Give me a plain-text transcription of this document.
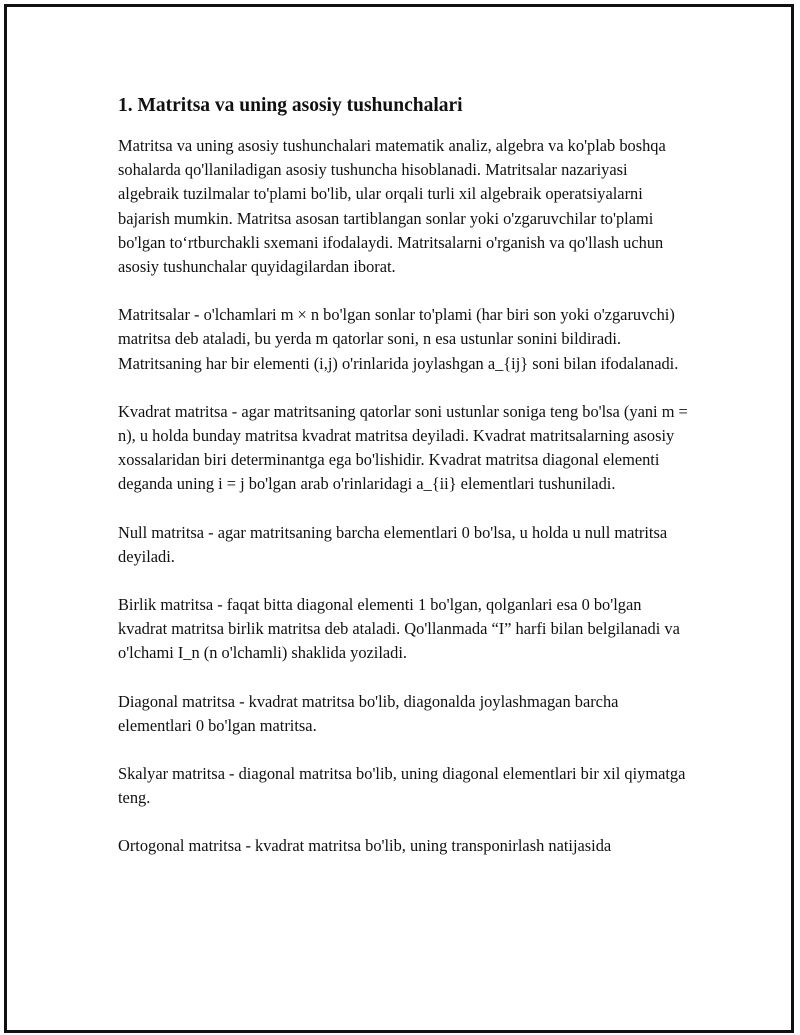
1. Matritsa va uning asosiy tushunchalari

Matritsa va uning asosiy tushunchalari matematik analiz, algebra va ko'plab boshqa sohalarda qo'llaniladigan asosiy tushuncha hisoblanadi. Matritsalar nazariyasi algebraik tuzilmalar to'plami bo'lib, ular orqali turli xil algebraik operatsiyalarni bajarish mumkin. Matritsa asosan tartiblangan sonlar yoki o'zgaruvchilar to'plami bo'lgan to‘rtburchakli sxemani ifodalaydi. Matritsalarni o'rganish va qo'llash uchun asosiy tushunchalar quyidagilardan iborat.

Matritsalar - o'lchamlari m × n bo'lgan sonlar to'plami (har biri son yoki o'zgaruvchi) matritsa deb ataladi, bu yerda m qatorlar soni, n esa ustunlar sonini bildiradi. Matritsaning har bir elementi (i,j) o'rinlarida joylashgan a_{ij} soni bilan ifodalanadi.

Kvadrat matritsa - agar matritsaning qatorlar soni ustunlar soniga teng bo'lsa (yani m = n), u holda bunday matritsa kvadrat matritsa deyiladi. Kvadrat matritsalarning asosiy xossalaridan biri determinantga ega bo'lishidir. Kvadrat matritsa diagonal elementi deganda uning i = j bo'lgan arab o'rinlaridagi a_{ii} elementlari tushuniladi.

Null matritsa - agar matritsaning barcha elementlari 0 bo'lsa, u holda u null matritsa deyiladi.

Birlik matritsa - faqat bitta diagonal elementi 1 bo'lgan, qolganlari esa 0 bo'lgan kvadrat matritsa birlik matritsa deb ataladi. Qo'llanmada “I” harfi bilan belgilanadi va o'lchami I_n (n o'lchamli) shaklida yoziladi.

Diagonal matritsa - kvadrat matritsa bo'lib, diagonalda joylashmagan barcha elementlari 0 bo'lgan matritsa.

Skalyar matritsa - diagonal matritsa bo'lib, uning diagonal elementlari bir xil qiymatga teng.

Ortogonal matritsa - kvadrat matritsa bo'lib, uning transponirlash natijasida
